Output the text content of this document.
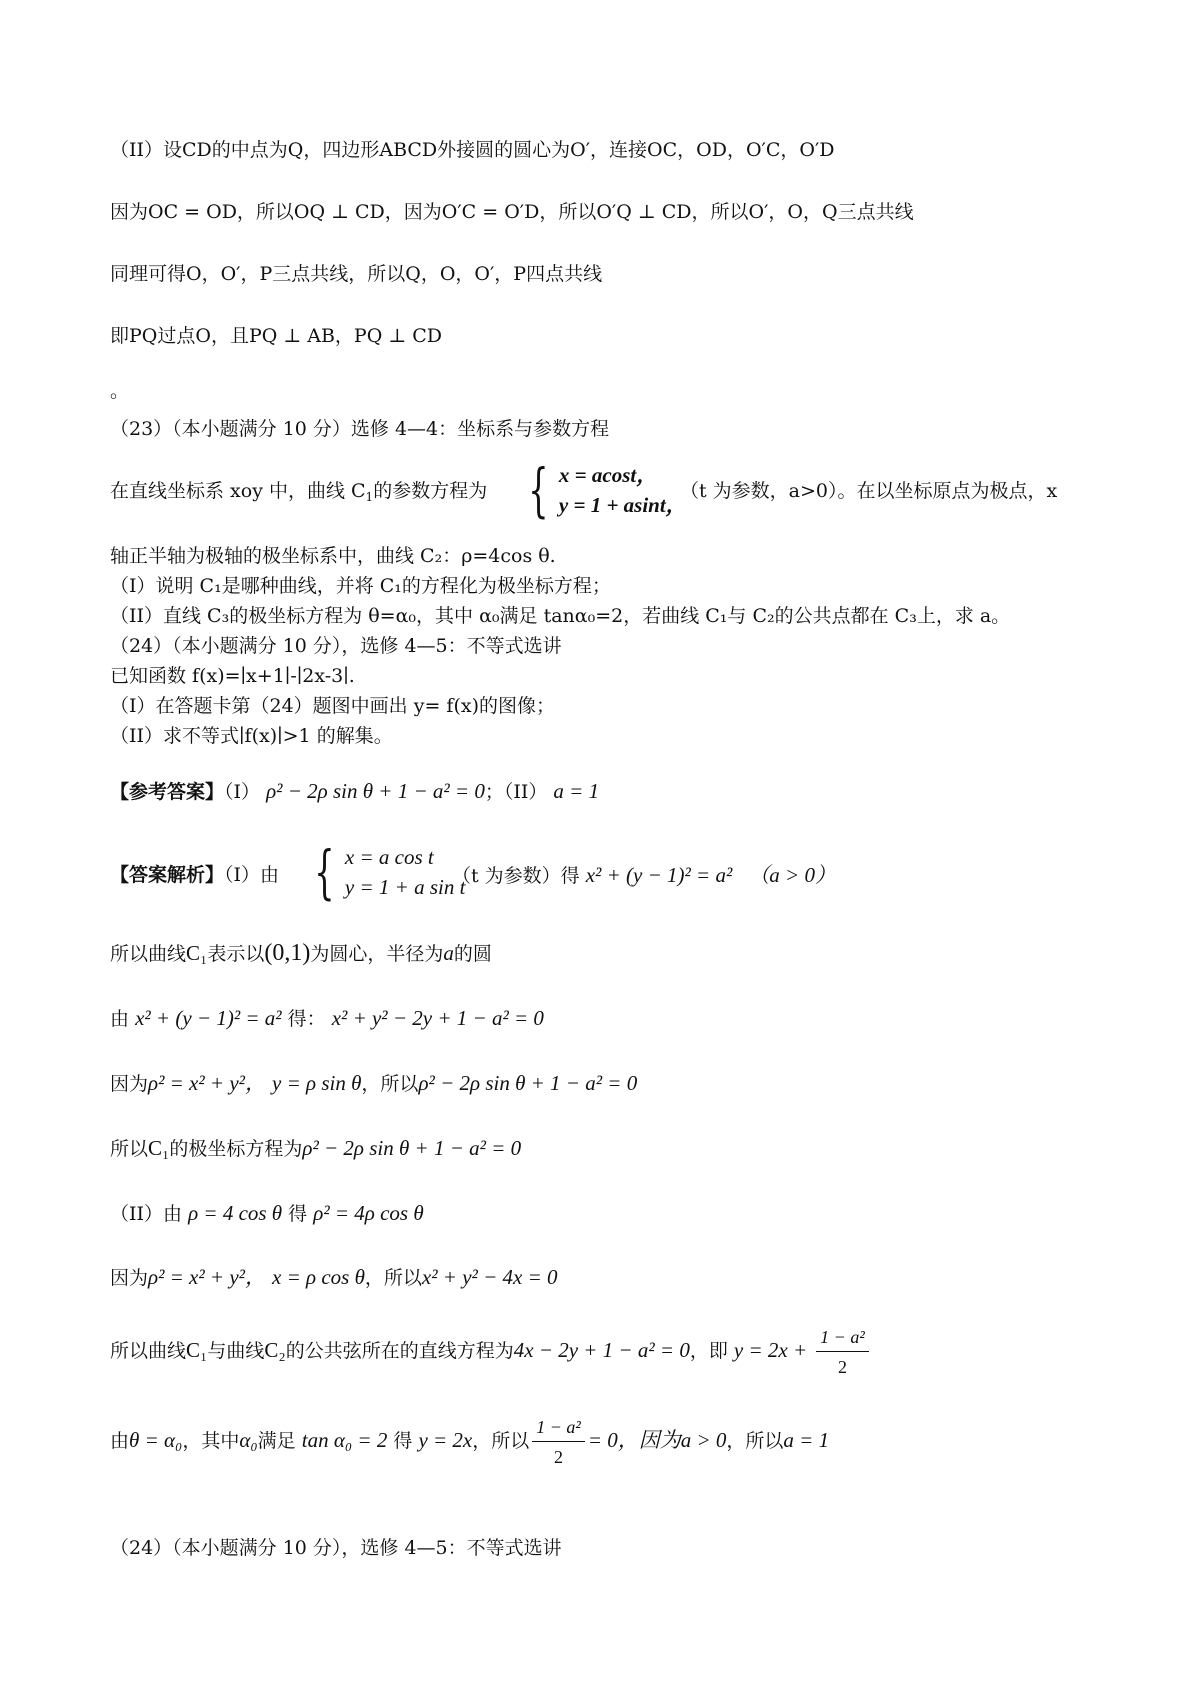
（II）设CD的中点为Q，四边形ABCD外接圆的圆心为O′，连接OC，OD，O′C，O′D
因为OC = OD，所以OQ ⊥ CD，因为O′C = O′D，所以O′Q ⊥ CD，所以O′，O，Q三点共线
同理可得O，O′，P三点共线，所以Q，O，O′，P四点共线
即PQ过点O，且PQ ⊥ AB，PQ ⊥ CD
。
（23）（本小题满分 10 分）选修 4—4：坐标系与参数方程
在直线坐标系 xoy 中，曲线 $C_1$的参数方程为 { x = acost，
y = 1 + asint，
（t 为参数，a>0）。在以坐标原点为极点，x
轴正半轴为极轴的极坐标系中，曲线 C₂：ρ=4cos θ.
（I）说明 C₁是哪种曲线，并将 C₁的方程化为极坐标方程；
（II）直线 C₃的极坐标方程为 θ=α₀，其中 α₀满足 tanα₀=2，若曲线 C₁与 C₂的公共点都在 C₃上，求 a。
（24）（本小题满分 10 分），选修 4—5：不等式选讲
已知函数 f(x)=∣x+1∣-∣2x-3∣.
（I）在答题卡第（24）题图中画出 y= f(x)的图像；
（II）求不等式∣f(x)∣>1 的解集。
【参考答案】（I） ρ² − 2ρ sin θ + 1 − a² = 0；（II） a = 1
【答案解析】（I）由 { x = a cos t
y = 1 + a sin t
（t 为参数）得 x² + (y − 1)² = a² （a > 0）
所以曲线C₁表示以(0,1)为圆心，半径为a的圆
由 x² + (y − 1)² = a² 得： x² + y² − 2y + 1 − a² = 0
因为ρ² = x² + y²， y = ρ sin θ，所以ρ² − 2ρ sin θ + 1 − a² = 0
所以C₁的极坐标方程为ρ² − 2ρ sin θ + 1 − a² = 0
（II）由 ρ = 4 cos θ 得 ρ² = 4ρ cos θ
因为ρ² = x² + y²， x = ρ cos θ，所以x² + y² − 4x = 0
所以曲线C₁与曲线C₂的公共弦所在的直线方程为4x − 2y + 1 − a² = 0，即 $y = 2x + \frac{\text{1 − a²}}{2}$
由θ = α₀，其中α₀满足 tan α₀ = 2 得 y = 2x，所以 $\frac{\text{1 − a²}}{2} = 0$，因为a > 0，所以a = 1
（24）（本小题满分 10 分），选修 4—5：不等式选讲
